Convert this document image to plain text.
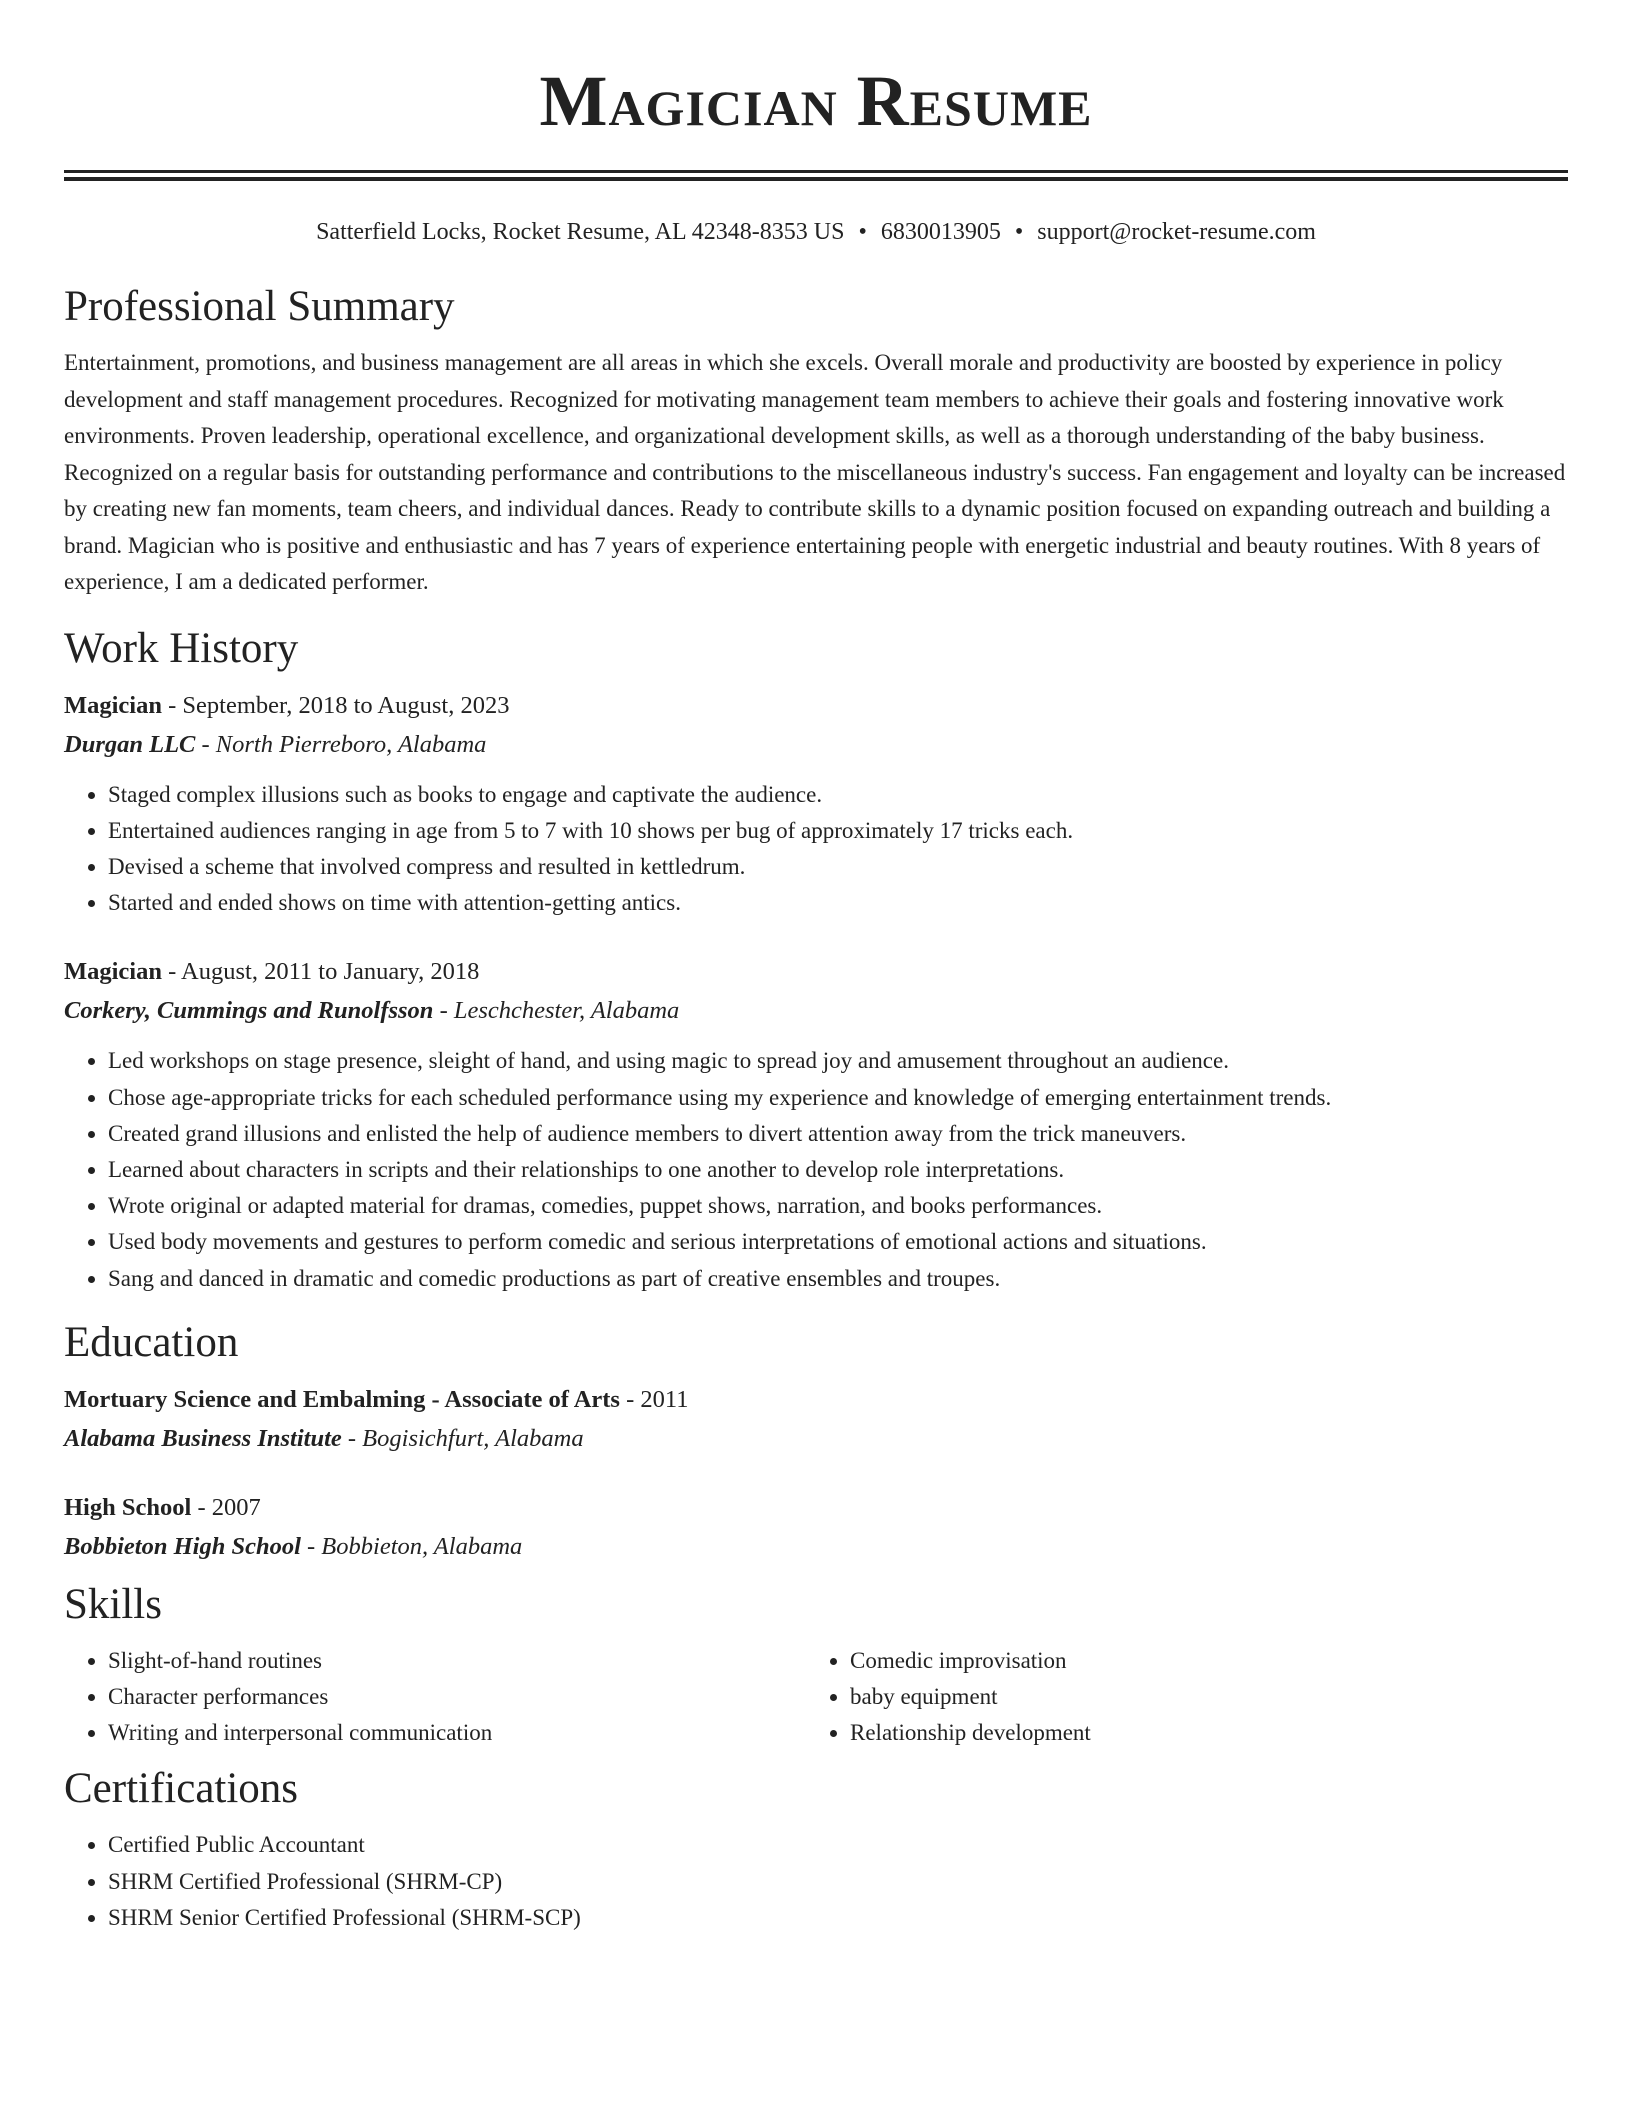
Magician Resume
Satterfield Locks, Rocket Resume, AL 42348-8353 US • 6830013905 • support@rocket-resume.com
Professional Summary
Entertainment, promotions, and business management are all areas in which she excels. Overall morale and productivity are boosted by experience in policy development and staff management procedures. Recognized for motivating management team members to achieve their goals and fostering innovative work environments. Proven leadership, operational excellence, and organizational development skills, as well as a thorough understanding of the baby business. Recognized on a regular basis for outstanding performance and contributions to the miscellaneous industry's success. Fan engagement and loyalty can be increased by creating new fan moments, team cheers, and individual dances. Ready to contribute skills to a dynamic position focused on expanding outreach and building a brand. Magician who is positive and enthusiastic and has 7 years of experience entertaining people with energetic industrial and beauty routines. With 8 years of experience, I am a dedicated performer.
Work History
Magician - September, 2018 to August, 2023
Durgan LLC - North Pierreboro, Alabama
• Staged complex illusions such as books to engage and captivate the audience.
• Entertained audiences ranging in age from 5 to 7 with 10 shows per bug of approximately 17 tricks each.
• Devised a scheme that involved compress and resulted in kettledrum.
• Started and ended shows on time with attention-getting antics.
Magician - August, 2011 to January, 2018
Corkery, Cummings and Runolfsson - Leschchester, Alabama
• Led workshops on stage presence, sleight of hand, and using magic to spread joy and amusement throughout an audience.
• Chose age-appropriate tricks for each scheduled performance using my experience and knowledge of emerging entertainment trends.
• Created grand illusions and enlisted the help of audience members to divert attention away from the trick maneuvers.
• Learned about characters in scripts and their relationships to one another to develop role interpretations.
• Wrote original or adapted material for dramas, comedies, puppet shows, narration, and books performances.
• Used body movements and gestures to perform comedic and serious interpretations of emotional actions and situations.
• Sang and danced in dramatic and comedic productions as part of creative ensembles and troupes.
Education
Mortuary Science and Embalming - Associate of Arts - 2011
Alabama Business Institute - Bogisichfurt, Alabama
High School - 2007
Bobbieton High School - Bobbieton, Alabama
Skills
• Slight-of-hand routines
• Character performances
• Writing and interpersonal communication
• Comedic improvisation
• baby equipment
• Relationship development
Certifications
• Certified Public Accountant
• SHRM Certified Professional (SHRM-CP)
• SHRM Senior Certified Professional (SHRM-SCP)
